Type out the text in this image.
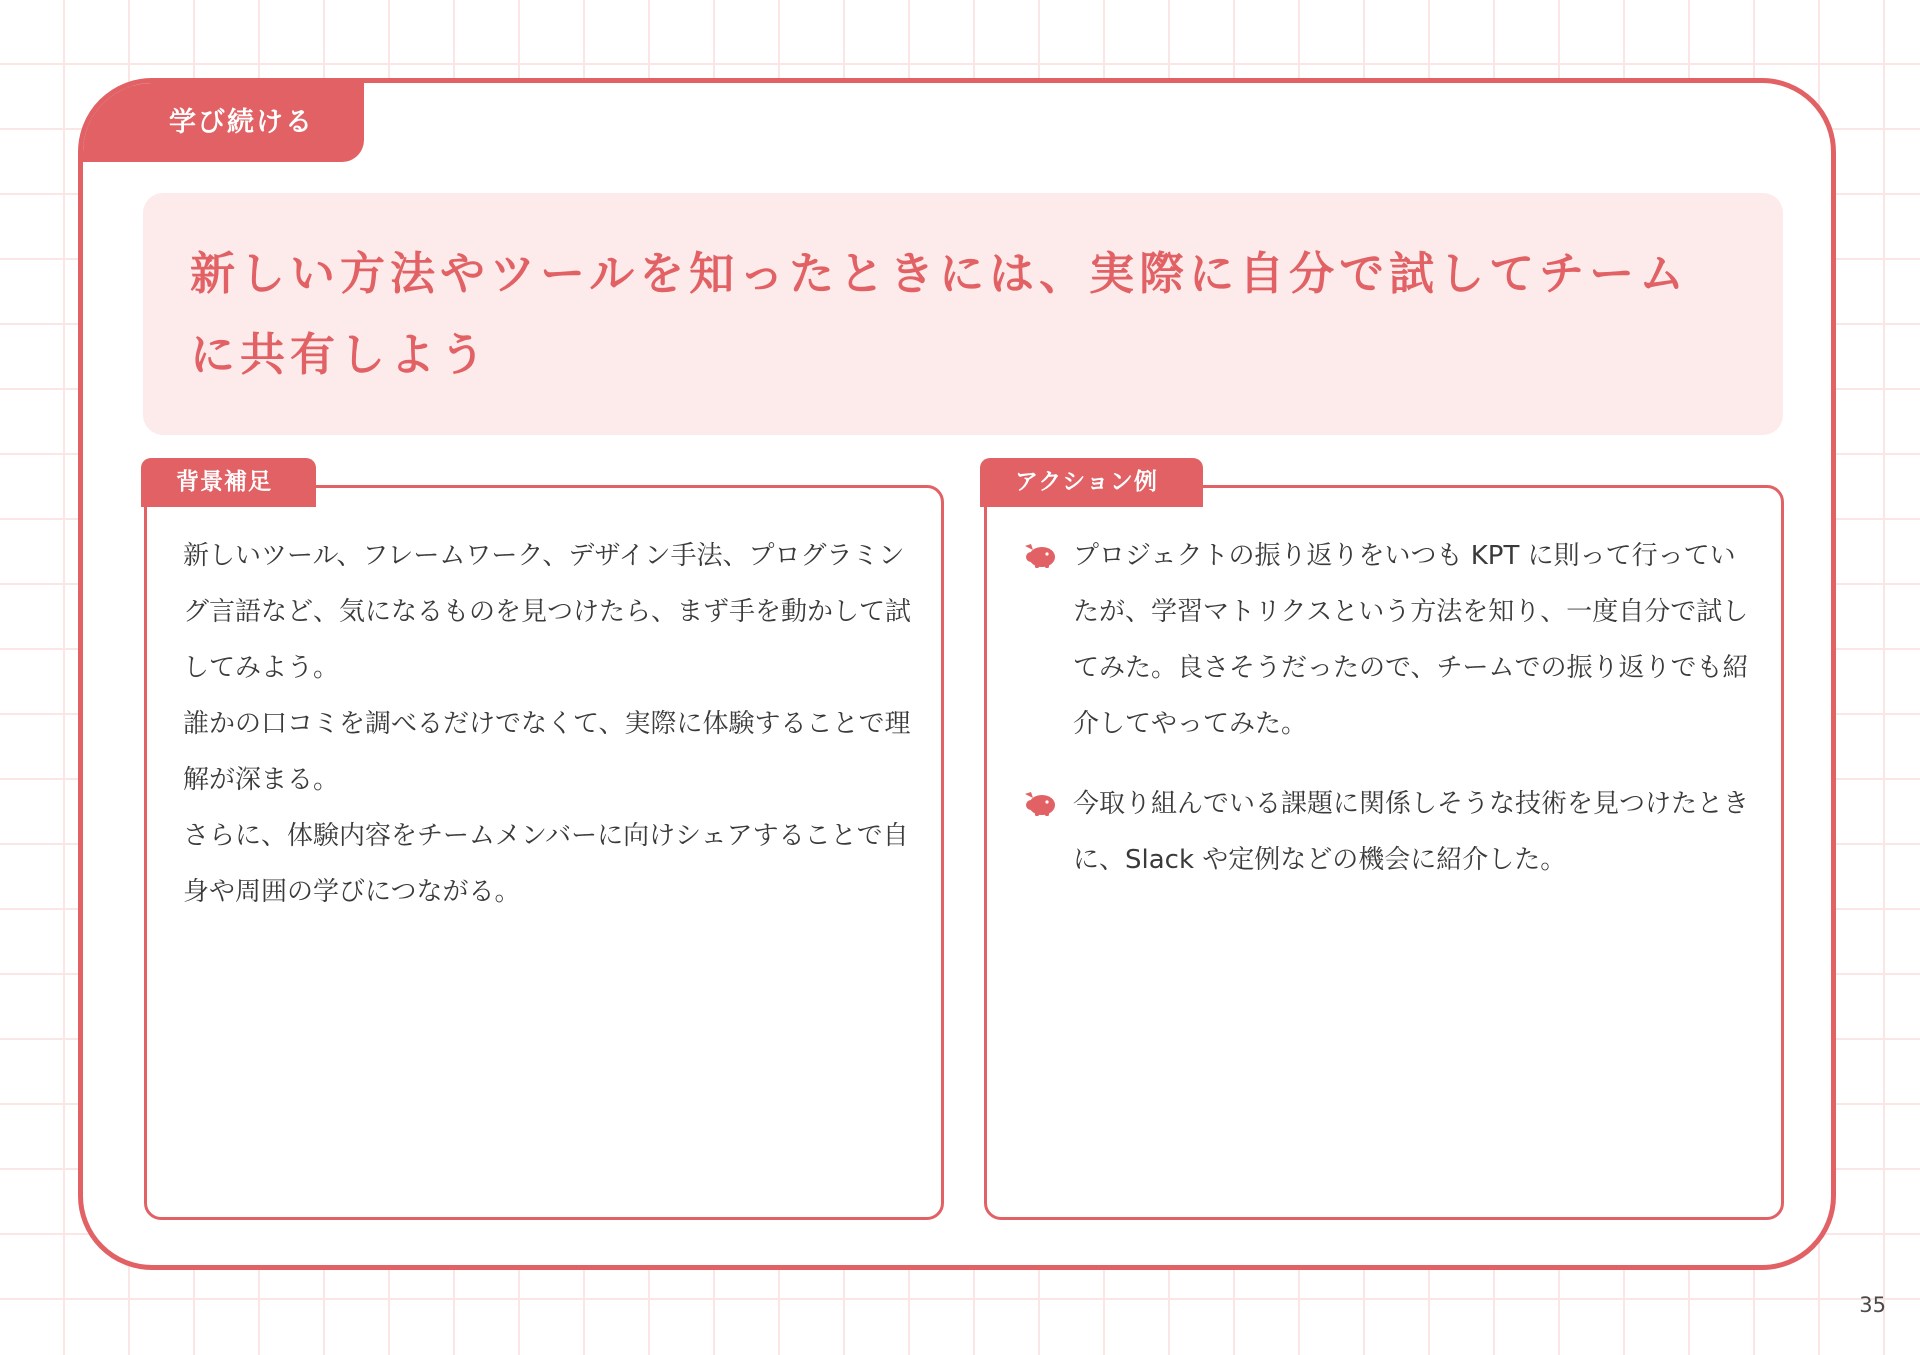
学び続ける
新しい方法やツールを知ったときには、実際に自分で試してチームに共有しよう

新しいツール、フレームワーク、デザイン手法、プログラミング言語など、気になるものを見つけたら、まず手を動かして試してみよう。

誰かの口コミを調べるだけでなくて、実際に体験することで理解が深まる。

さらに、体験内容をチームメンバーに向けシェアすることで自身や周囲の学びにつながる。

プロジェクトの振り返りをいつも KPT に則って行っていたが、学習マトリクスという方法を知り、一度自分で試してみた。良さそうだったので、チームでの振り返りでも紹介してやってみた。
今取り組んでいる課題に関係しそうな技術を見つけたときに、Slack や定例などの機会に紹介した。
背景補足	アクション例
35
